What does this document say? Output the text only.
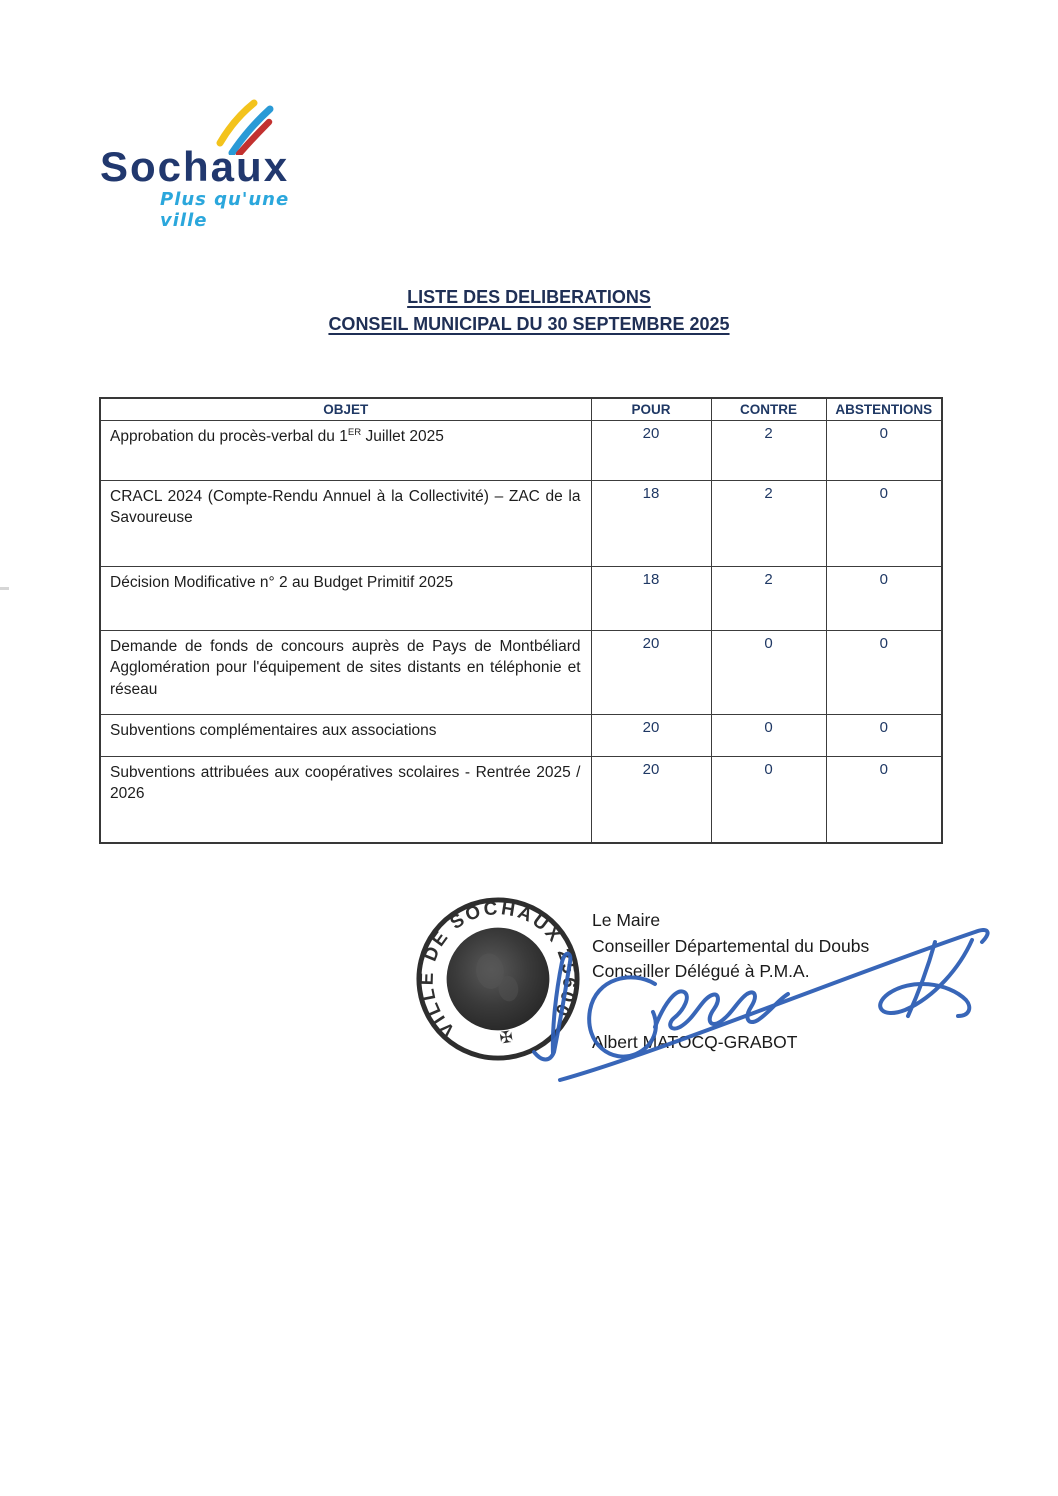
Sochaux
Plus qu'une ville
LISTE DES DELIBERATIONS
CONSEIL MUNICIPAL DU 30 SEPTEMBRE 2025
OBJET	POUR	CONTRE	ABSTENTIONS
Approbation du procès-verbal du 1ER Juillet 2025	20	2	0
CRACL 2024 (Compte-Rendu Annuel à la Collectivité) – ZAC de la Savoureuse	18	2	0
Décision Modificative n° 2 au Budget Primitif 2025	18	2	0
Demande de fonds de concours auprès de Pays de Montbéliard Agglomération pour l'équipement de sites distants en téléphonie et réseau	20	0	0
Subventions complémentaires aux associations	20	0	0
Subventions attribuées aux coopératives scolaires - Rentrée 2025 / 2026	20	0	0
VILLE DE SOCHAUX 25600
✠
Le Maire
Conseiller Départemental du Doubs
Conseiller Délégué à P.M.A.
Albert MATOCQ-GRABOT
